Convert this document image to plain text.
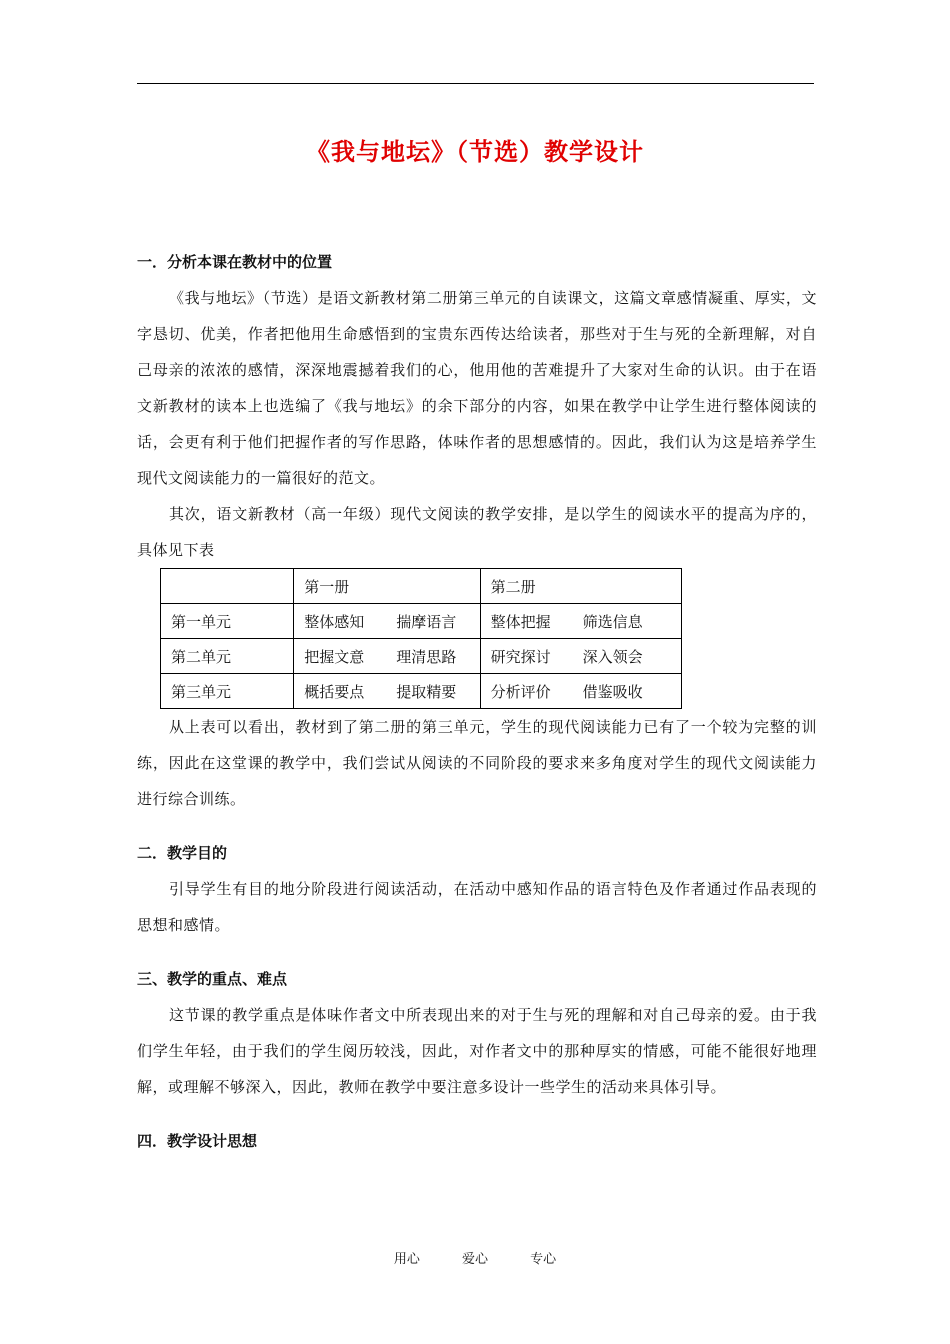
《我与地坛》（节选）教学设计

一．分析本课在教材中的位置

《我与地坛》（节选）是语文新教材第二册第三单元的自读课文，这篇文章感情凝重、厚实，文字恳切、优美，作者把他用生命感悟到的宝贵东西传达给读者，那些对于生与死的全新理解，对自己母亲的浓浓的感情，深深地震撼着我们的心，他用他的苦难提升了大家对生命的认识。由于在语文新教材的读本上也选编了《我与地坛》的余下部分的内容，如果在教学中让学生进行整体阅读的话，会更有利于他们把握作者的写作思路，体味作者的思想感情的。因此，我们认为这是培养学生现代文阅读能力的一篇很好的范文。

其次，语文新教材（高一年级）现代文阅读的教学安排，是以学生的阅读水平的提高为序的，具体见下表

	第一册	第二册
第一单元	整体感知 揣摩语言	整体把握 筛选信息
第二单元	把握文意 理清思路	研究探讨 深入领会
第三单元	概括要点 提取精要	分析评价 借鉴吸收

从上表可以看出，教材到了第二册的第三单元，学生的现代阅读能力已有了一个较为完整的训练，因此在这堂课的教学中，我们尝试从阅读的不同阶段的要求来多角度对学生的现代文阅读能力进行综合训练。

二．教学目的

引导学生有目的地分阶段进行阅读活动，在活动中感知作品的语言特色及作者通过作品表现的思想和感情。

三、教学的重点、难点

这节课的教学重点是体味作者文中所表现出来的对于生与死的理解和对自己母亲的爱。由于我们学生年轻，由于我们的学生阅历较浅，因此，对作者文中的那种厚实的情感，可能不能很好地理解，或理解不够深入，因此，教师在教学中要注意多设计一些学生的活动来具体引导。

四．教学设计思想

用心	爱心	专心
